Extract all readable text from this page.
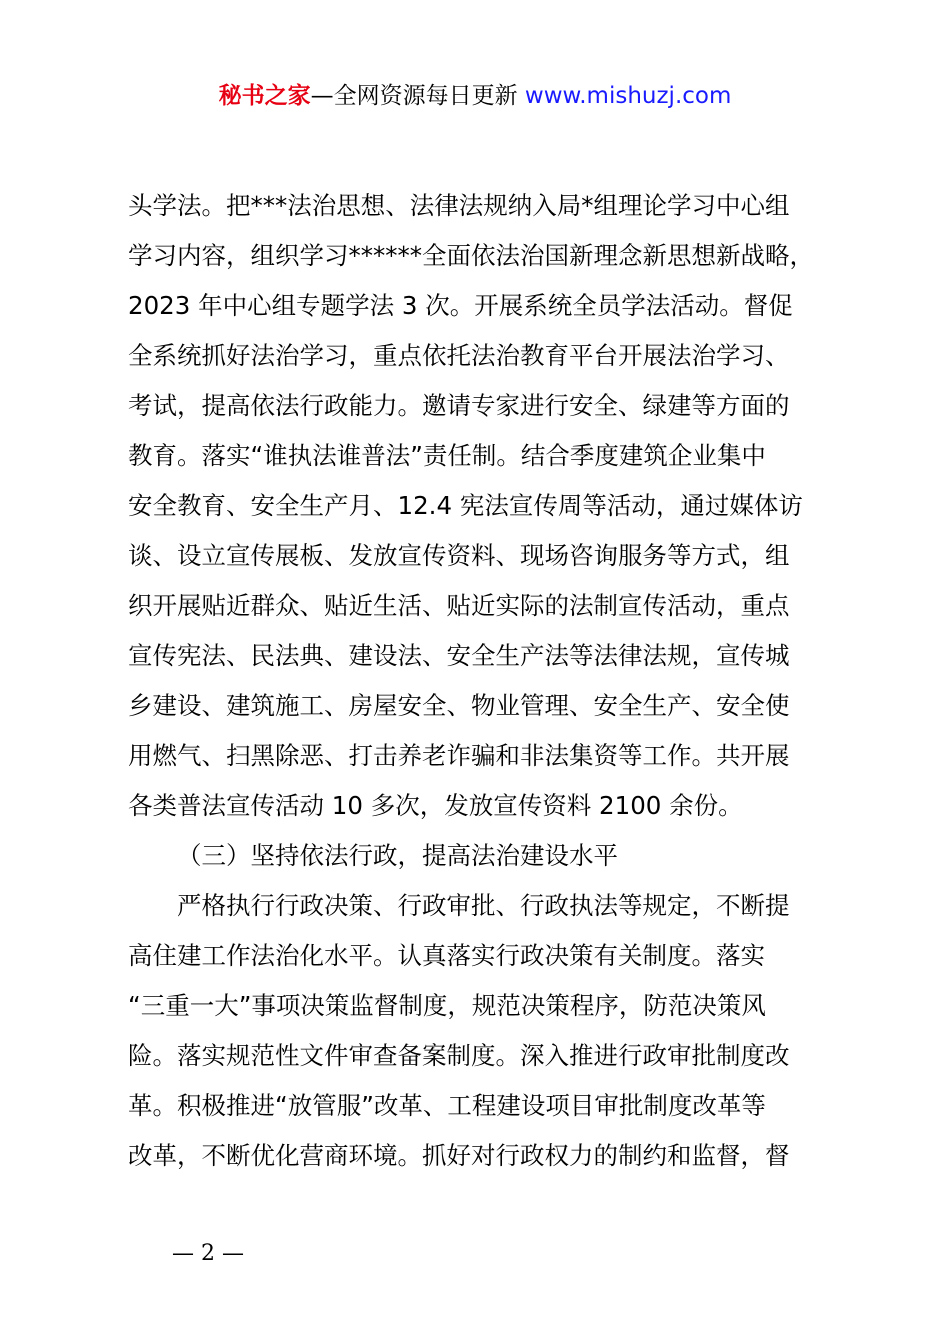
秘书之家—全网资源每日更新 www.mishuzj.com
头学法。把***法治思想、法律法规纳入局*组理论学习中心组
学习内容，组织学习******全面依法治国新理念新思想新战略，
2023 年中心组专题学法 3 次。开展系统全员学法活动。督促
全系统抓好法治学习，重点依托法治教育平台开展法治学习、
考试，提高依法行政能力。邀请专家进行安全、绿建等方面的
教育。落实“谁执法谁普法”责任制。结合季度建筑企业集中
安全教育、安全生产月、12.4 宪法宣传周等活动，通过媒体访
谈、设立宣传展板、发放宣传资料、现场咨询服务等方式，组
织开展贴近群众、贴近生活、贴近实际的法制宣传活动，重点
宣传宪法、民法典、建设法、安全生产法等法律法规，宣传城
乡建设、建筑施工、房屋安全、物业管理、安全生产、安全使
用燃气、扫黑除恶、打击养老诈骗和非法集资等工作。共开展
各类普法宣传活动 10 多次，发放宣传资料 2100 余份。
（三）坚持依法行政，提高法治建设水平
严格执行行政决策、行政审批、行政执法等规定，不断提
高住建工作法治化水平。认真落实行政决策有关制度。落实
“三重一大”事项决策监督制度，规范决策程序，防范决策风
险。落实规范性文件审查备案制度。深入推进行政审批制度改
革。积极推进“放管服”改革、工程建设项目审批制度改革等
改革，不断优化营商环境。抓好对行政权力的制约和监督，督
— 2 —
